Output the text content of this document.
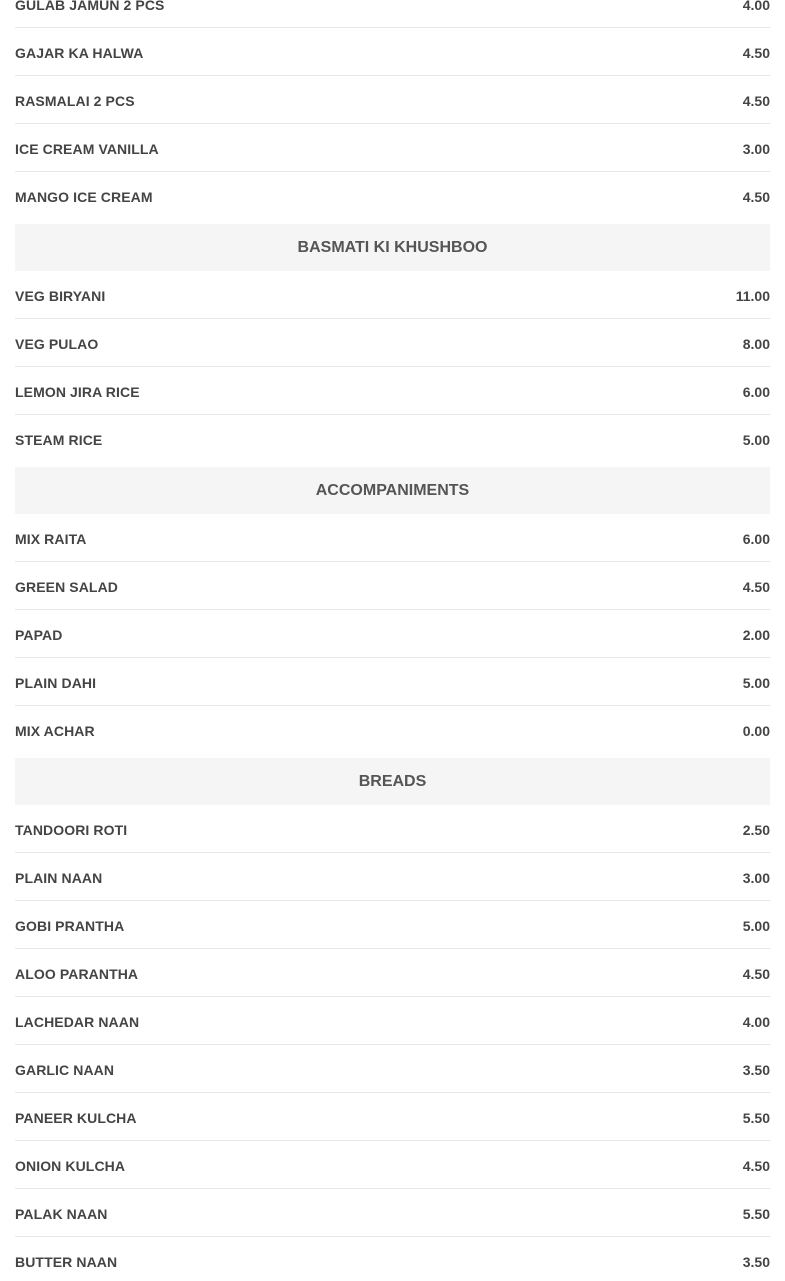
GULAB JAMUN 2 PCS	4.00
GAJAR KA HALWA	4.50
RASMALAI 2 PCS	4.50
ICE CREAM VANILLA	3.00
MANGO ICE CREAM	4.50
BASMATI KI KHUSHBOO
VEG BIRYANI	11.00
VEG PULAO	8.00
LEMON JIRA RICE	6.00
STEAM RICE	5.00
ACCOMPANIMENTS
MIX RAITA	6.00
GREEN SALAD	4.50
PAPAD	2.00
PLAIN DAHI	5.00
MIX ACHAR	0.00
BREADS
TANDOORI ROTI	2.50
PLAIN NAAN	3.00
GOBI PRANTHA	5.00
ALOO PARANTHA	4.50
LACHEDAR NAAN	4.00
GARLIC NAAN	3.50
PANEER KULCHA	5.50
ONION KULCHA	4.50
PALAK NAAN	5.50
BUTTER NAAN	3.50
